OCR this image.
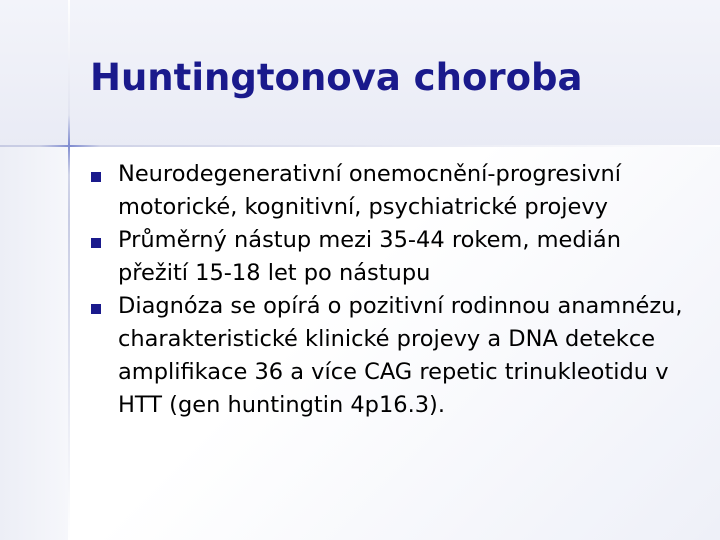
Huntingtonova choroba
Neurodegenerativní onemocnění-progresivní motorické, kognitivní, psychiatrické projevy
Průměrný nástup mezi 35-44 rokem, medián přežití 15-18 let po nástupu
Diagnóza se opírá o pozitivní rodinnou anamnézu, charakteristické klinické projevy a DNA detekce amplifikace 36 a více CAG repetic trinukleotidu v HTT (gen huntingtin 4p16.3).
